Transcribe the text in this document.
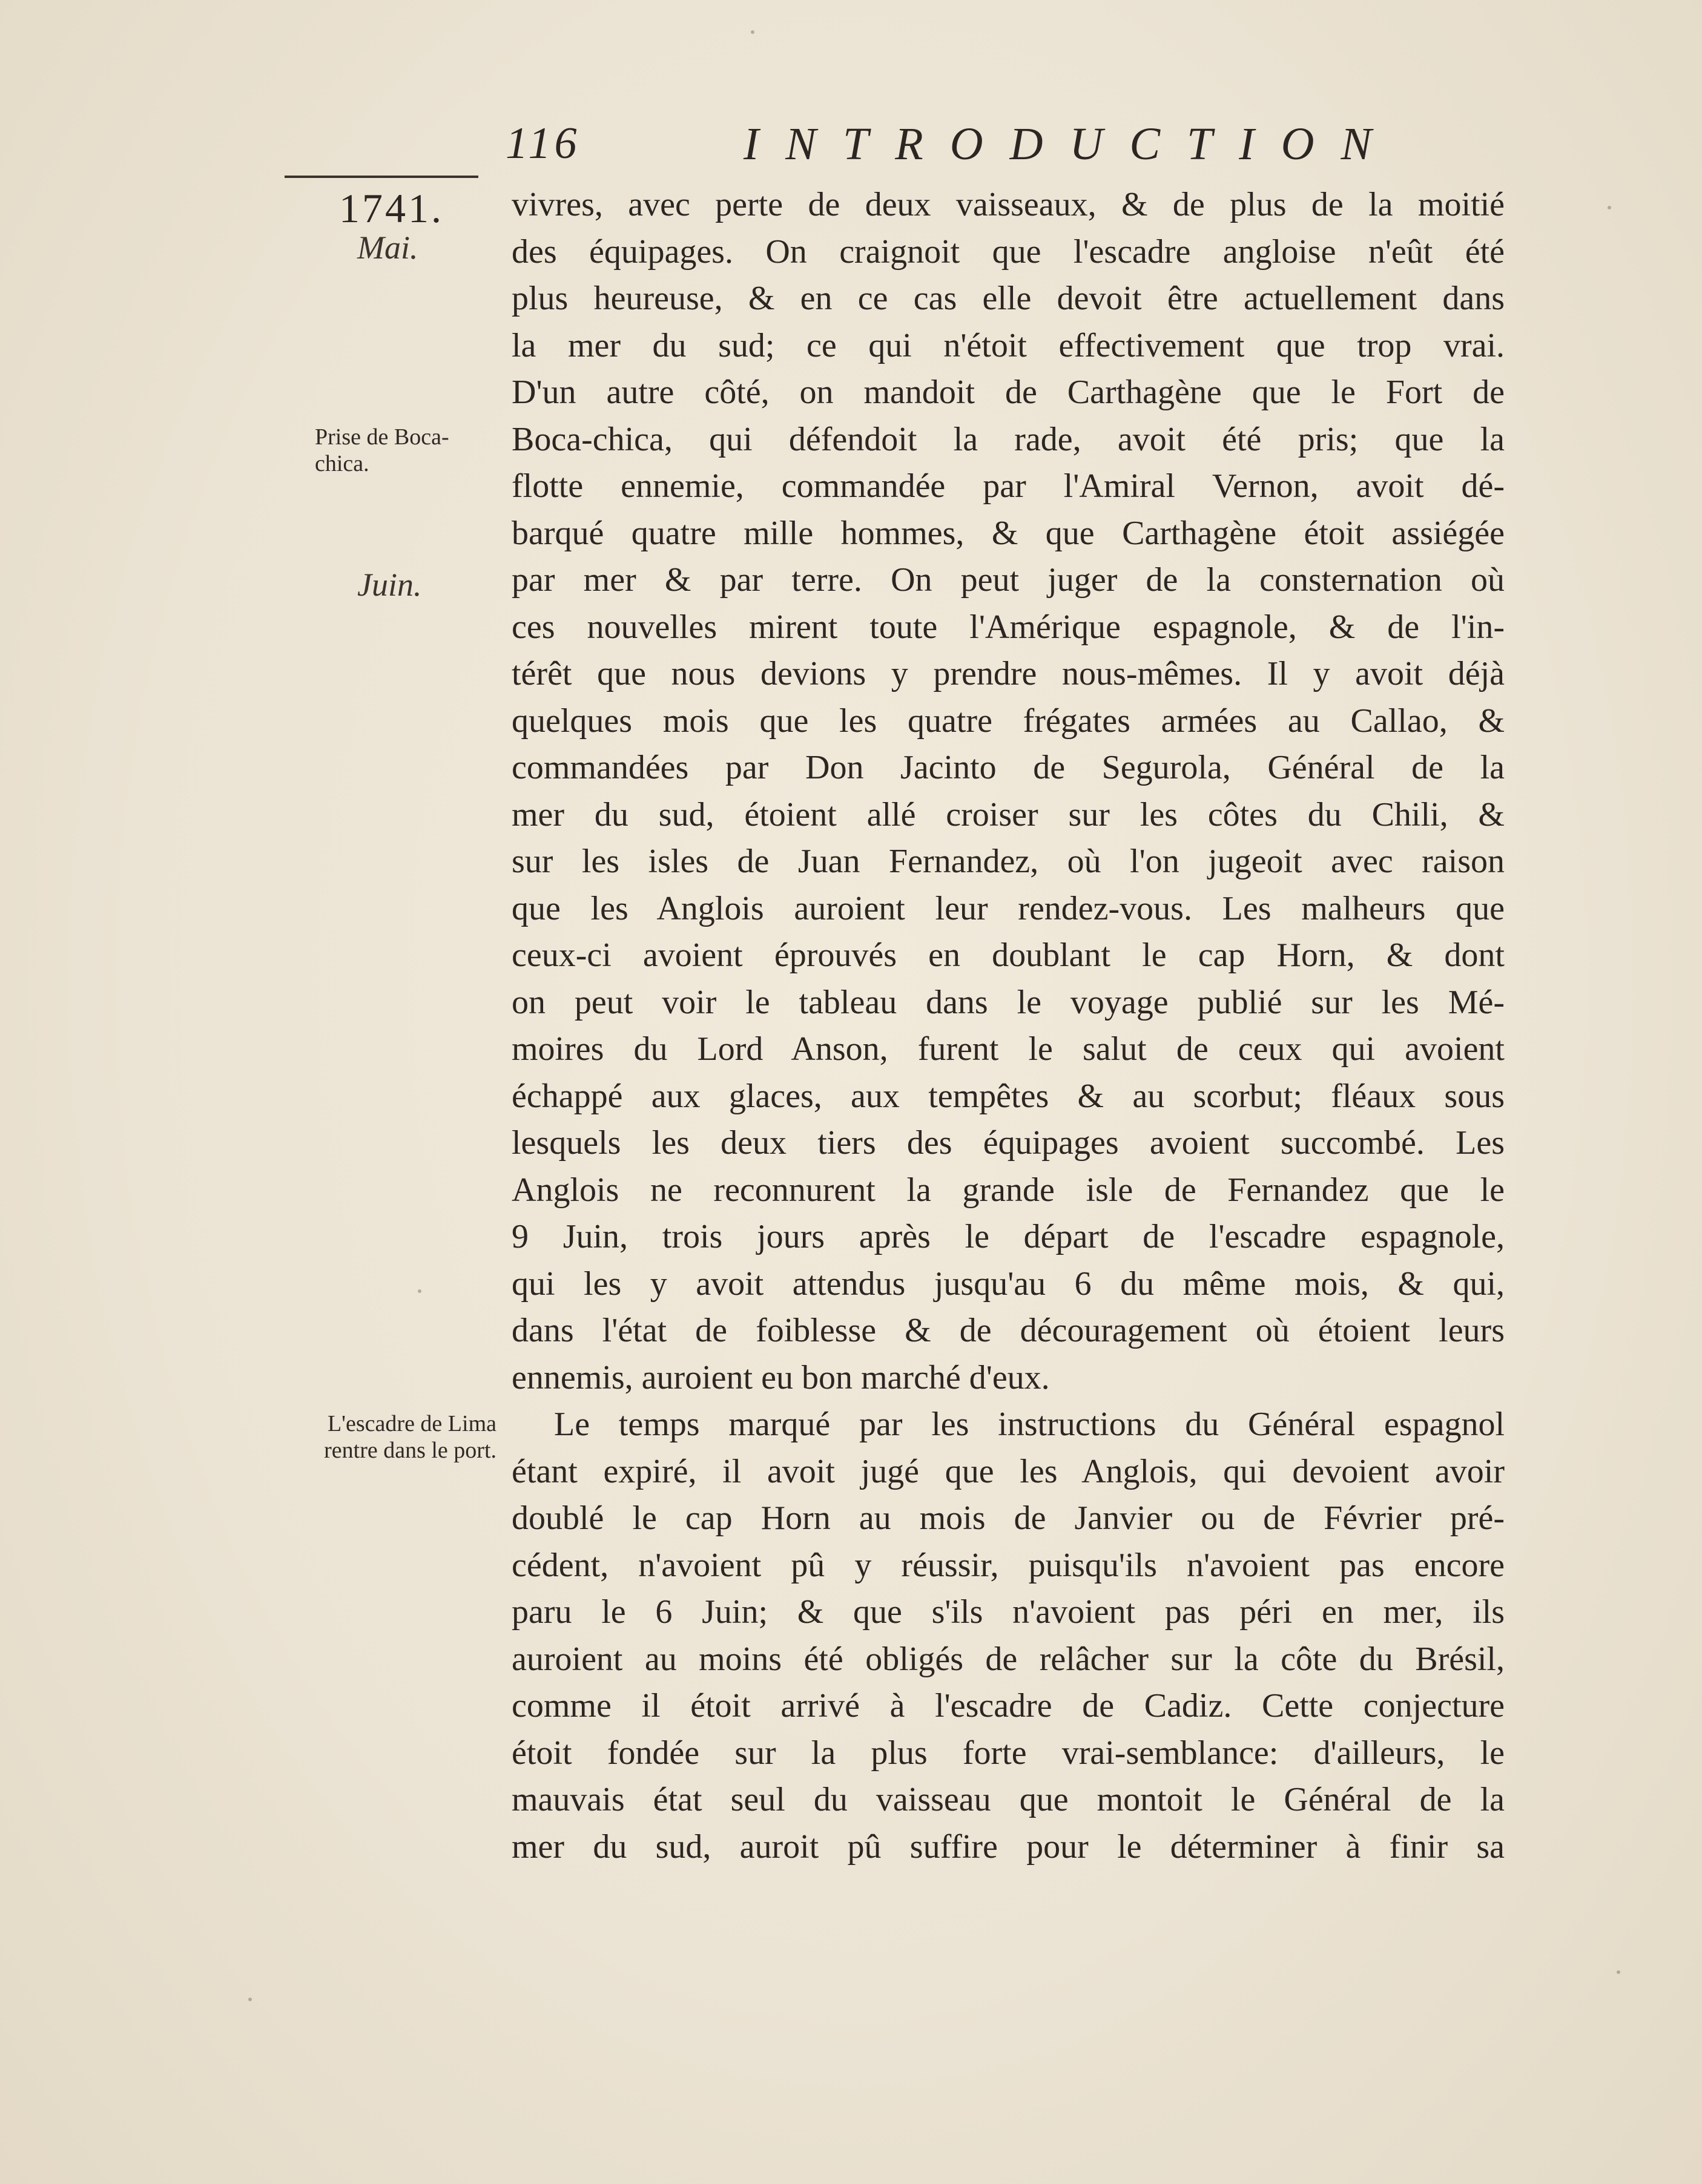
116	INTRODUCTION
1741.
Mai.
Juin.
Prise de Boca-chica.
L'escadre de Lima rentre dans le port.
vivres, avec perte de deux vaisseaux, & de plus de la moitié
des équipages. On craignoit que l'escadre angloise n'eût été
plus heureuse, & en ce cas elle devoit être actuellement dans
la mer du sud; ce qui n'étoit effectivement que trop vrai.
D'un autre côté, on mandoit de Carthagène que le Fort de
Boca-chica, qui défendoit la rade, avoit été pris; que la
flotte ennemie, commandée par l'Amiral Vernon, avoit dé-
barqué quatre mille hommes, & que Carthagène étoit assiégée
par mer & par terre. On peut juger de la consternation où
ces nouvelles mirent toute l'Amérique espagnole, & de l'in-
térêt que nous devions y prendre nous-mêmes. Il y avoit déjà
quelques mois que les quatre frégates armées au Callao, &
commandées par Don Jacinto de Segurola, Général de la
mer du sud, étoient allé croiser sur les côtes du Chili, &
sur les isles de Juan Fernandez, où l'on jugeoit avec raison
que les Anglois auroient leur rendez-vous. Les malheurs que
ceux-ci avoient éprouvés en doublant le cap Horn, & dont
on peut voir le tableau dans le voyage publié sur les Mé-
moires du Lord Anson, furent le salut de ceux qui avoient
échappé aux glaces, aux tempêtes & au scorbut; fléaux sous
lesquels les deux tiers des équipages avoient succombé. Les
Anglois ne reconnurent la grande isle de Fernandez que le
9 Juin, trois jours après le départ de l'escadre espagnole,
qui les y avoit attendus jusqu'au 6 du même mois, & qui,
dans l'état de foiblesse & de découragement où étoient leurs
ennemis, auroient eu bon marché d'eux.
Le temps marqué par les instructions du Général espagnol
étant expiré, il avoit jugé que les Anglois, qui devoient avoir
doublé le cap Horn au mois de Janvier ou de Février pré-
cédent, n'avoient pû y réussir, puisqu'ils n'avoient pas encore
paru le 6 Juin; & que s'ils n'avoient pas péri en mer, ils
auroient au moins été obligés de relâcher sur la côte du Brésil,
comme il étoit arrivé à l'escadre de Cadiz. Cette conjecture
étoit fondée sur la plus forte vrai-semblance: d'ailleurs, le
mauvais état seul du vaisseau que montoit le Général de la
mer du sud, auroit pû suffire pour le déterminer à finir sa
